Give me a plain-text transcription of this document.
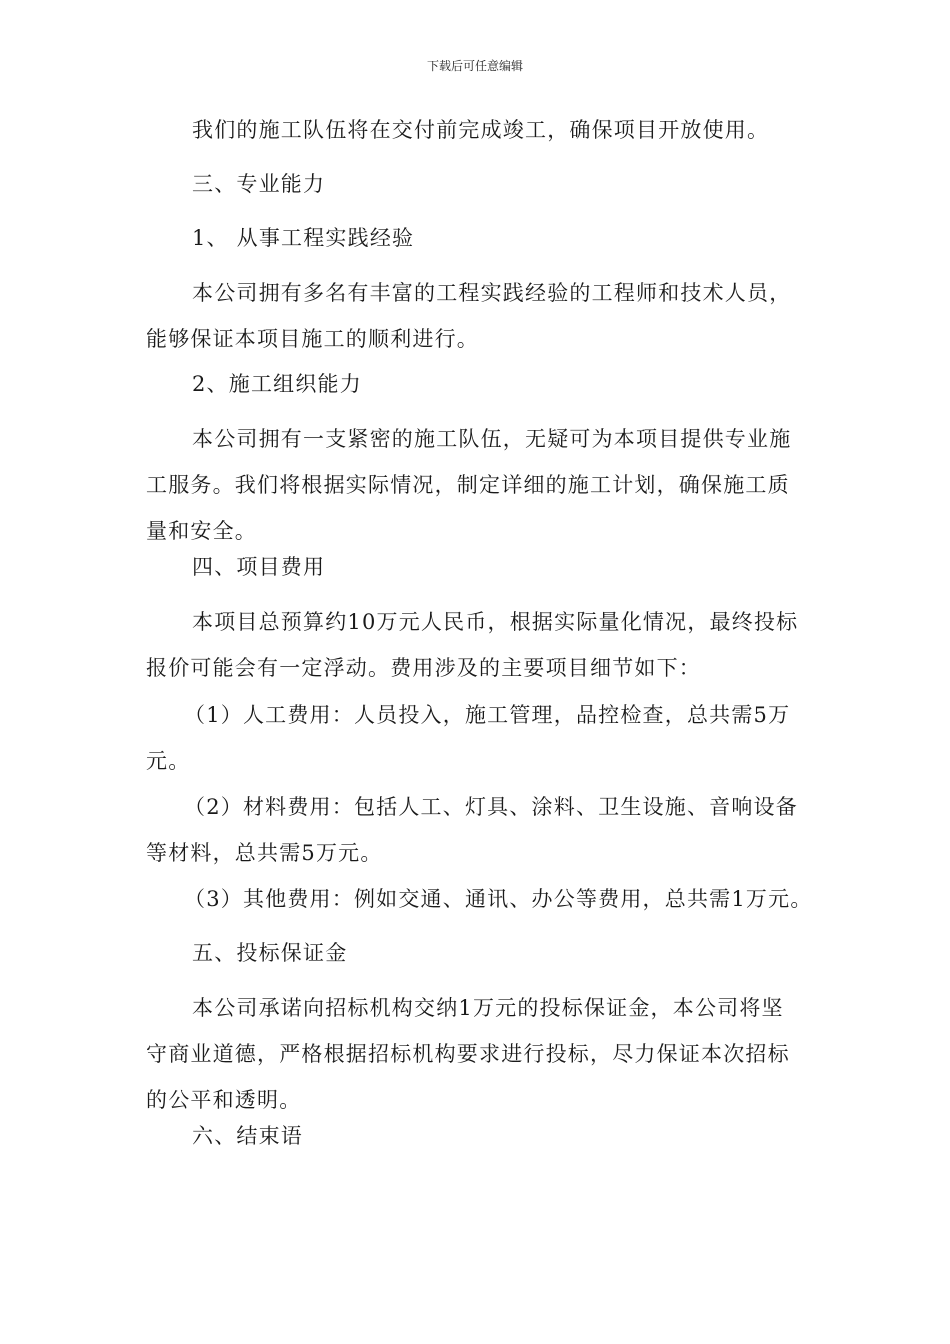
下载后可任意编辑
我们的施工队伍将在交付前完成竣工，确保项目开放使用。
三、专业能力
1、 从事工程实践经验
本公司拥有多名有丰富的工程实践经验的工程师和技术人员，
能够保证本项目施工的顺利进行。
2、施工组织能力
本公司拥有一支紧密的施工队伍，无疑可为本项目提供专业施
工服务。我们将根据实际情况，制定详细的施工计划，确保施工质
量和安全。
四、项目费用
本项目总预算约10万元人民币，根据实际量化情况，最终投标
报价可能会有一定浮动。费用涉及的主要项目细节如下：
（1）人工费用：人员投入，施工管理，品控检查，总共需5万
元。
（2）材料费用：包括人工、灯具、涂料、卫生设施、音响设备
等材料，总共需5万元。
（3）其他费用：例如交通、通讯、办公等费用，总共需1万元。
五、投标保证金
本公司承诺向招标机构交纳1万元的投标保证金，本公司将坚
守商业道德，严格根据招标机构要求进行投标，尽力保证本次招标
的公平和透明。
六、结束语
